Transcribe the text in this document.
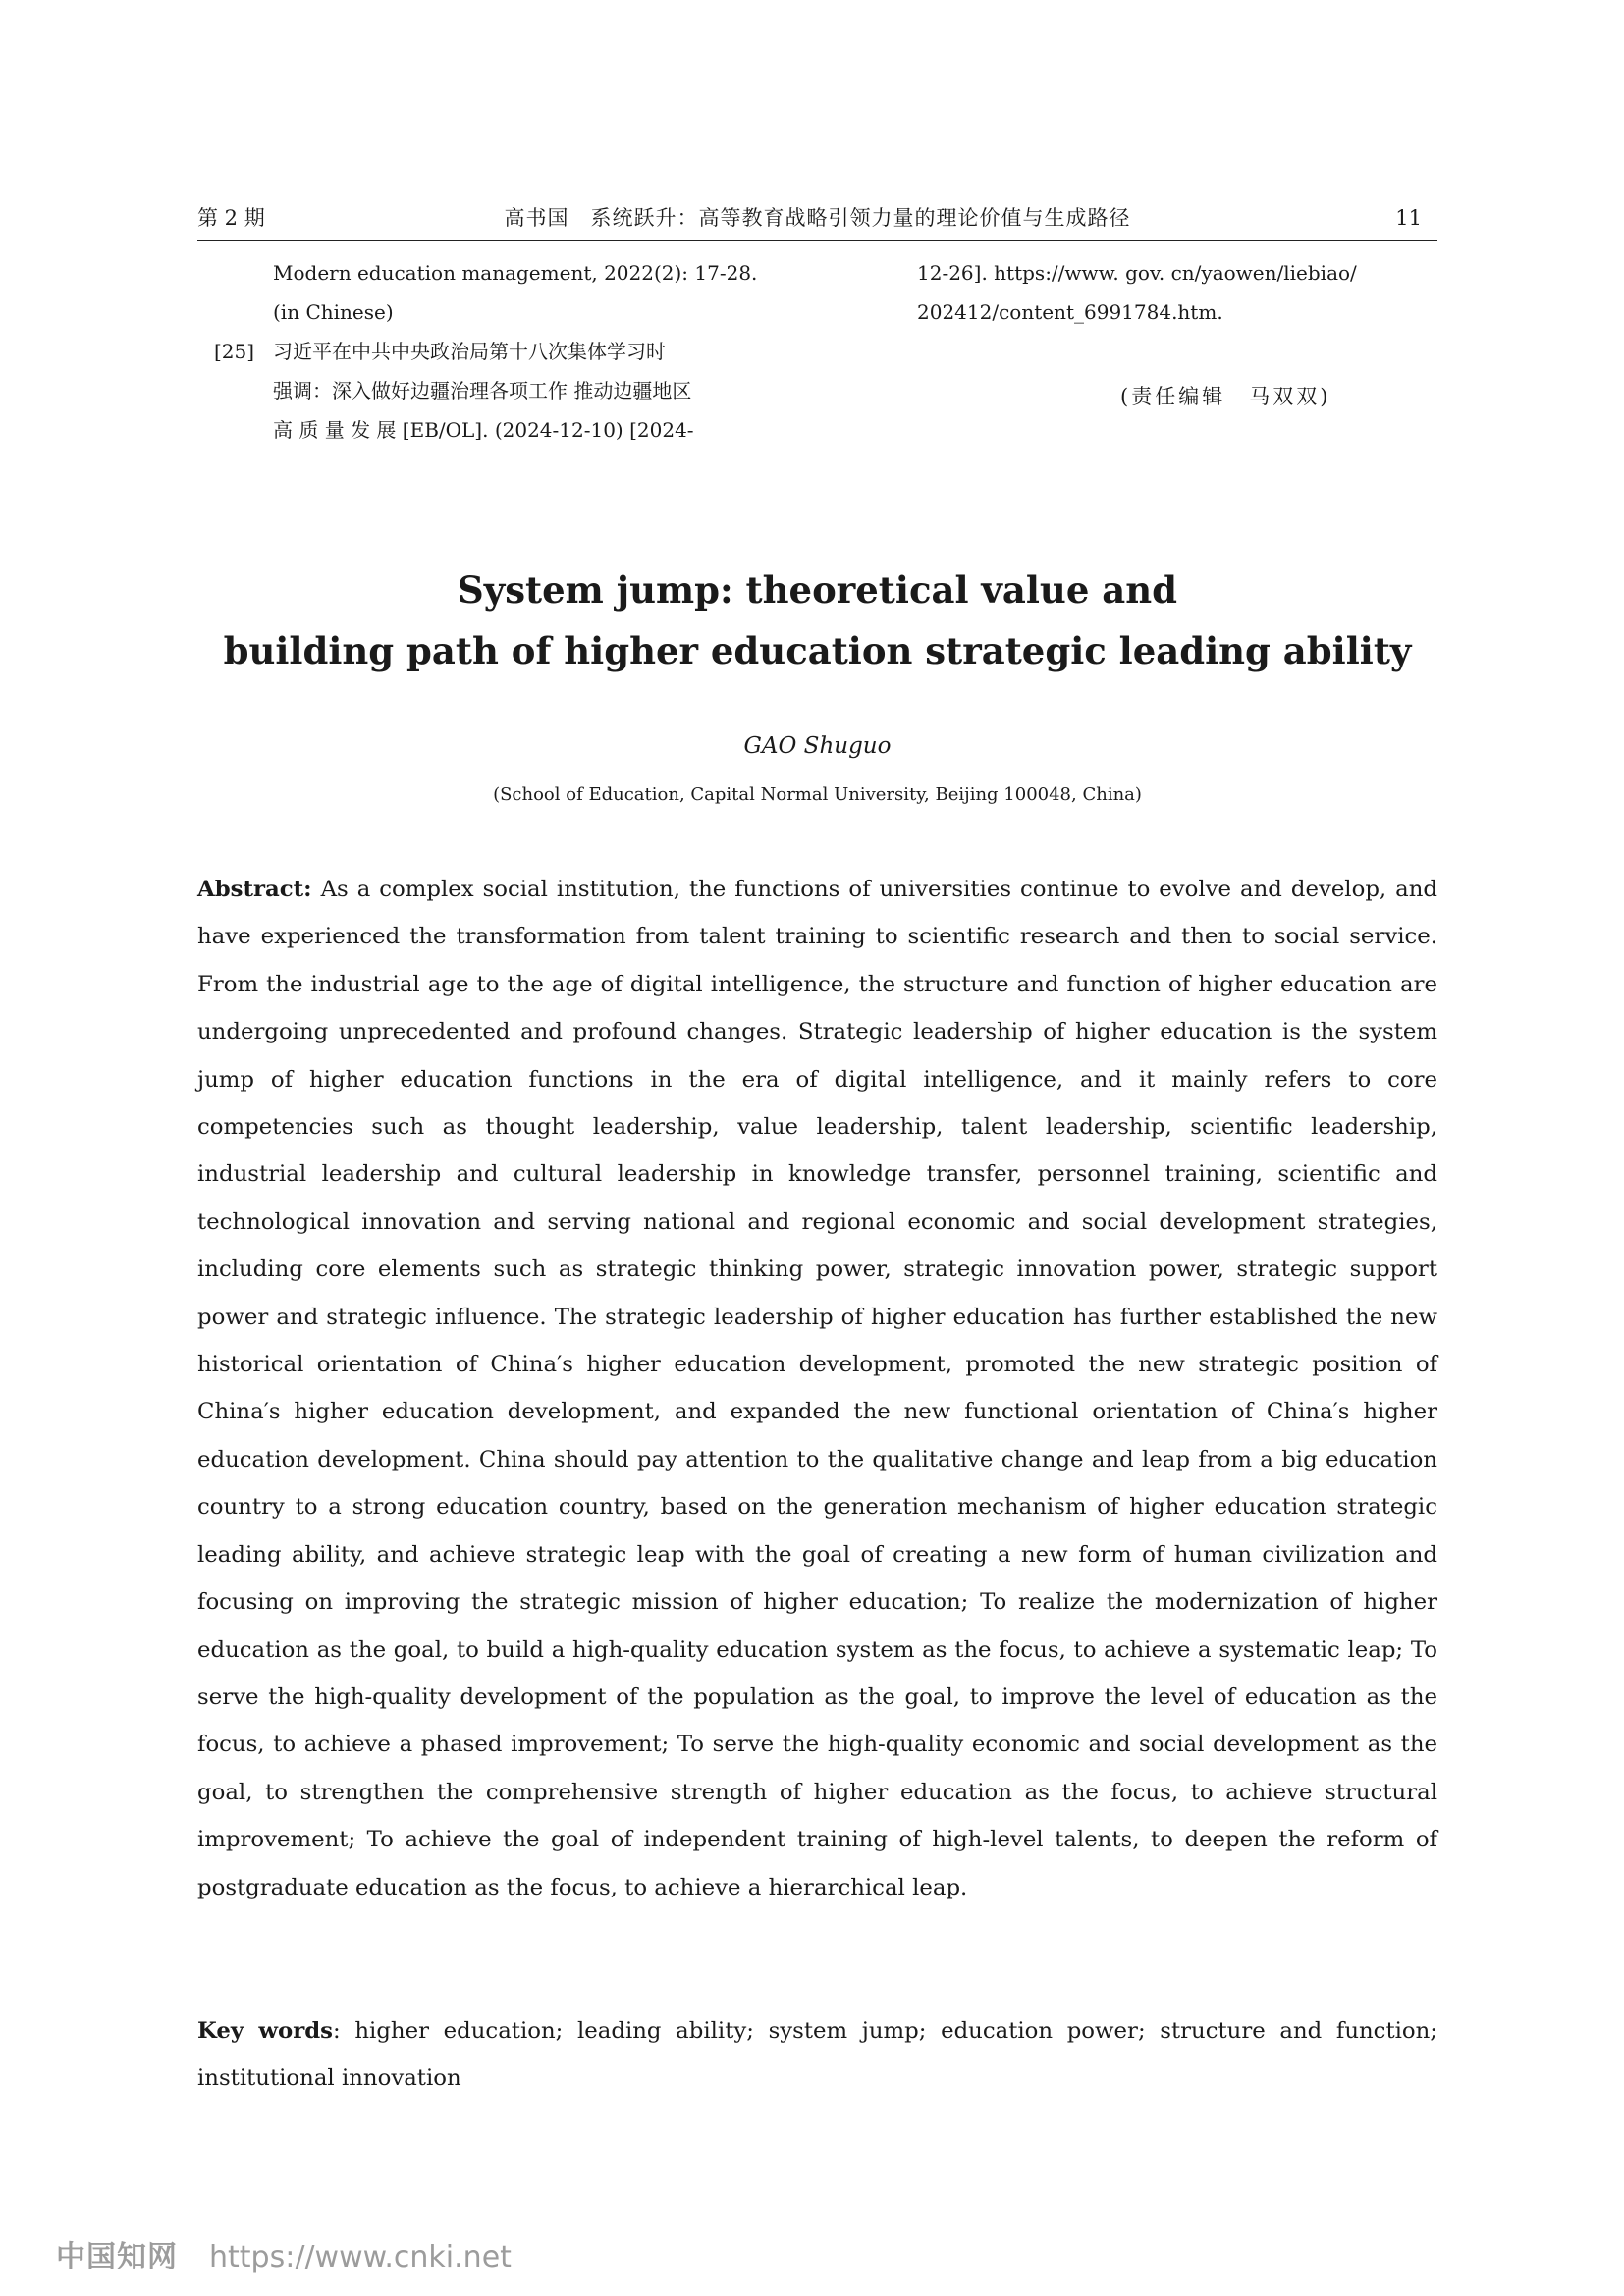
第 2 期	高书国　系统跃升：高等教育战略引领力量的理论价值与生成路径	11
Modern education management, 2022(2): 17-28.
(in Chinese)
[25] 习近平在中共中央政治局第十八次集体学习时
强调：深入做好边疆治理各项工作 推动边疆地区
高 质 量 发 展 [EB/OL]. (2024-12-10) [2024-
12-26]. https://www. gov. cn/yaowen/liebiao/
202412/content_6991784.htm.
(责任编辑　马双双)
System jump: theoretical value and
building path of higher education strategic leading ability
GAO Shuguo
(School of Education, Capital Normal University, Beijing 100048, China)
Abstract: As a complex social institution, the functions of universities continue to evolve and develop, and have experienced the transformation from talent training to scientific research and then to social service. From the industrial age to the age of digital intelligence, the structure and function of higher education are undergoing unprecedented and profound changes. Strategic leadership of higher education is the system jump of higher education functions in the era of digital intelligence, and it mainly refers to core competencies such as thought leadership, value leadership, talent leadership, scientific leadership, industrial leadership and cultural leadership in knowledge transfer, personnel training, scientific and technological innovation and serving national and regional economic and social development strategies, including core elements such as strategic thinking power, strategic innovation power, strategic support power and strategic influence. The strategic leadership of higher education has further established the new historical orientation of China′s higher education development, promoted the new strategic position of China′s higher education development, and expanded the new functional orientation of China′s higher education development. China should pay attention to the qualitative change and leap from a big education country to a strong education country, based on the generation mechanism of higher education strategic leading ability, and achieve strategic leap with the goal of creating a new form of human civilization and focusing on improving the strategic mission of higher education; To realize the modernization of higher education as the goal, to build a high-quality education system as the focus, to achieve a systematic leap; To serve the high-quality development of the population as the goal, to improve the level of education as the focus, to achieve a phased improvement; To serve the high-quality economic and social development as the goal, to strengthen the comprehensive strength of higher education as the focus, to achieve structural improvement; To achieve the goal of independent training of high-level talents, to deepen the reform of postgraduate education as the focus, to achieve a hierarchical leap.
Key words: higher education; leading ability; system jump; education power; structure and function; institutional innovation
中国知网 https://www.cnki.net
